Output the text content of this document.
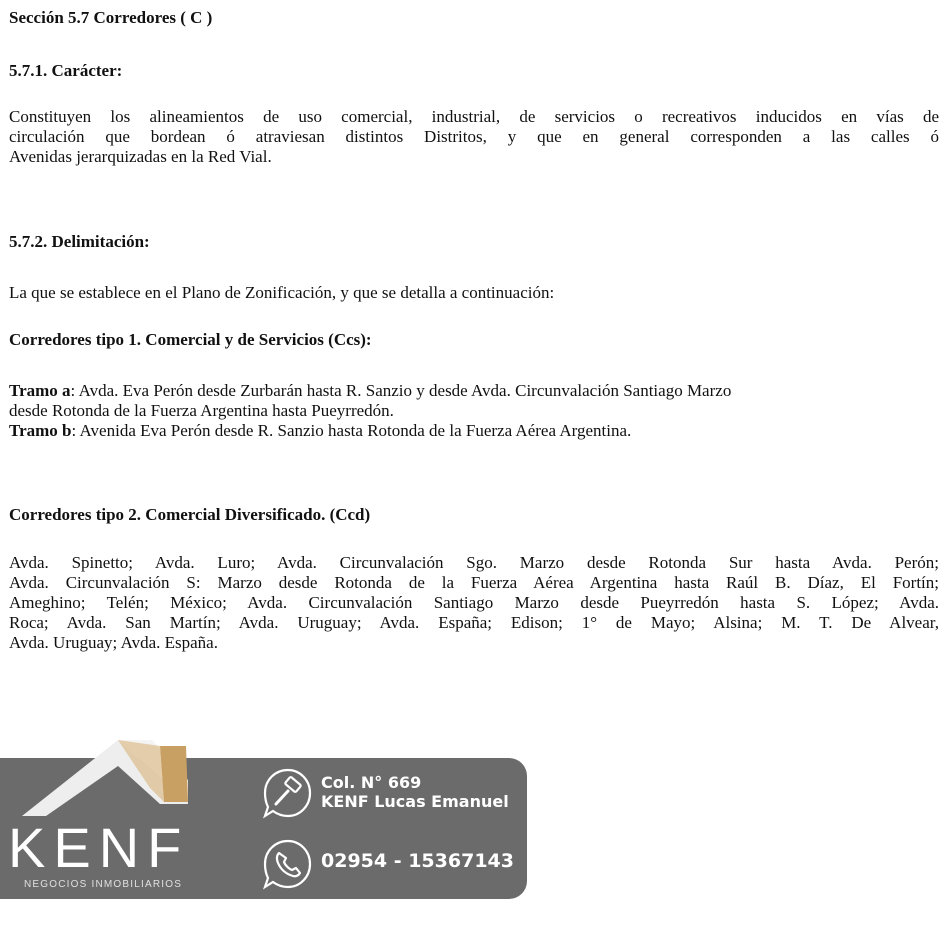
Sección 5.7 Corredores ( C )
5.7.1. Carácter:
Constituyen los alineamientos de uso comercial, industrial, de servicios o recreativos inducidos en vías de
circulación que bordean ó atraviesan distintos Distritos, y que en general corresponden a las calles ó
Avenidas jerarquizadas en la Red Vial.
5.7.2. Delimitación:
La que se establece en el Plano de Zonificación, y que se detalla a continuación:
Corredores tipo 1. Comercial y de Servicios (Ccs):
Tramo a: Avda. Eva Perón desde Zurbarán hasta R. Sanzio y desde Avda. Circunvalación Santiago Marzo
desde Rotonda de la Fuerza Argentina hasta Pueyrredón.
Tramo b: Avenida Eva Perón desde R. Sanzio hasta Rotonda de la Fuerza Aérea Argentina.
Corredores tipo 2. Comercial Diversificado. (Ccd)
Avda. Spinetto; Avda. Luro; Avda. Circunvalación Sgo. Marzo desde Rotonda Sur hasta Avda. Perón;
Avda. Circunvalación S: Marzo desde Rotonda de la Fuerza Aérea Argentina hasta Raúl B. Díaz, El Fortín;
Ameghino; Telén; México; Avda. Circunvalación Santiago Marzo desde Pueyrredón hasta S. López; Avda.
Roca; Avda. San Martín; Avda. Uruguay; Avda. España; Edison; 1° de Mayo; Alsina; M. T. De Alvear,
Avda. Uruguay; Avda. España.
KENF
NEGOCIOS INMOBILIARIOS
Col. N° 669
KENF Lucas Emanuel
02954 - 15367143
